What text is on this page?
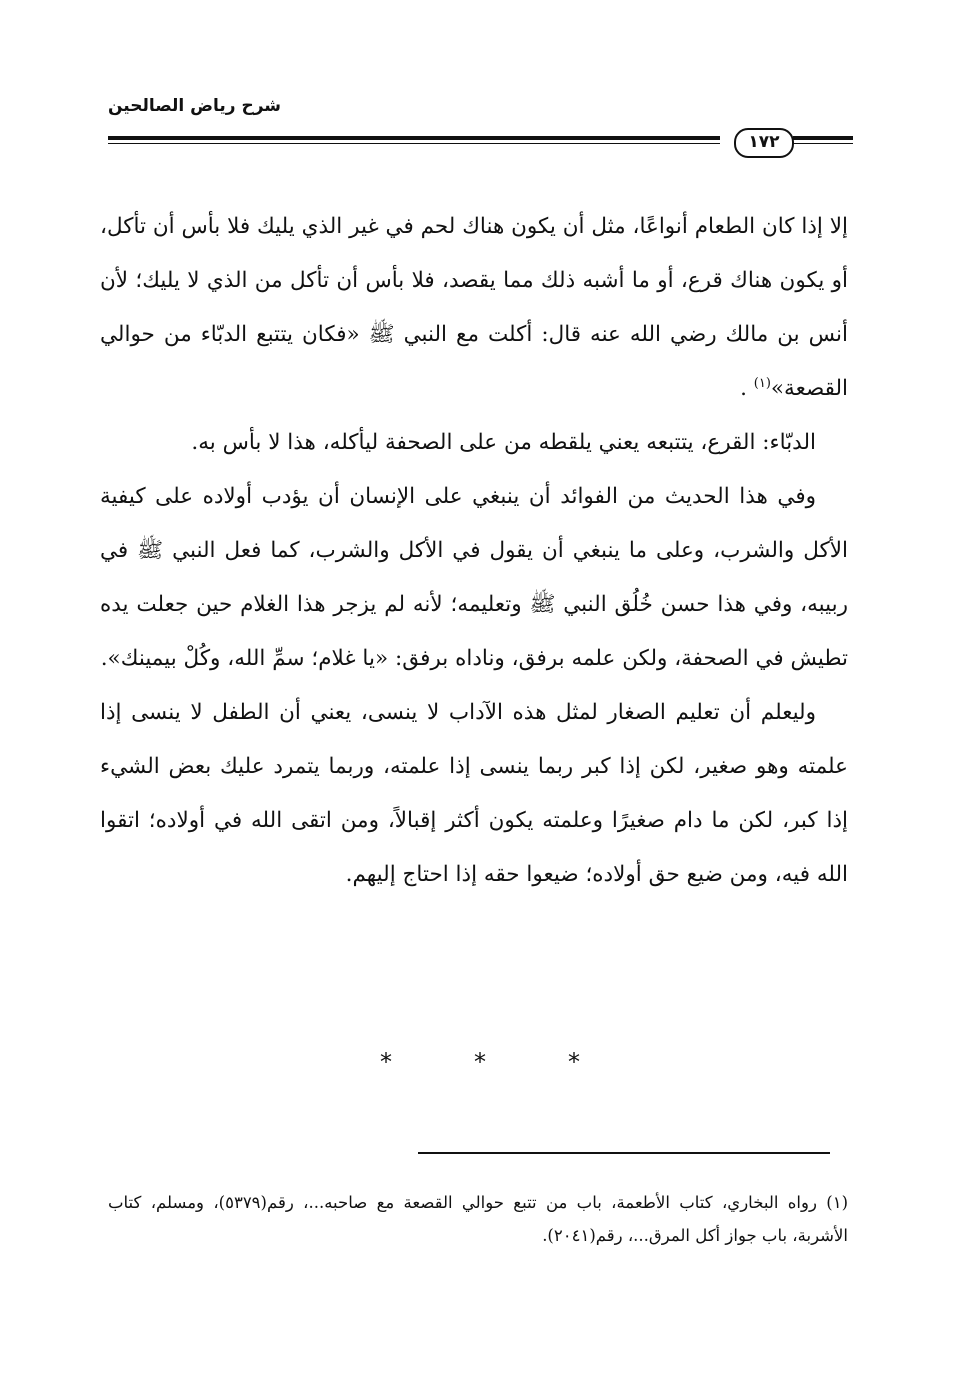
شرح رياض الصالحين
١٧٢

إلا إذا كان الطعام أنواعًا، مثل أن يكون هناك لحم في غير الذي يليك فلا بأس أن تأكل، أو يكون هناك قرع، أو ما أشبه ذلك مما يقصد، فلا بأس أن تأكل من الذي لا يليك؛ لأن أنس بن مالك رضي الله عنه قال: أكلت مع النبي ﷺ «فكان يتتبع الدبّاء من حوالي القصعة»$^{(١)}$ .

الدبّاء: القرع، يتتبعه يعني يلقطه من على الصحفة ليأكله، هذا لا بأس به.

وفي هذا الحديث من الفوائد أن ينبغي على الإنسان أن يؤدب أولاده على كيفية الأكل والشرب، وعلى ما ينبغي أن يقول في الأكل والشرب، كما فعل النبي ﷺ في ربيبه، وفي هذا حسن خُلُق النبي ﷺ وتعليمه؛ لأنه لم يزجر هذا الغلام حين جعلت يده تطيش في الصحفة، ولكن علمه برفق، وناداه برفق: «يا غلام؛ سمِّ الله، وكُلْ بيمينك».

وليعلم أن تعليم الصغار لمثل هذه الآداب لا ينسى، يعني أن الطفل لا ينسى إذا علمته وهو صغير، لكن إذا كبر ربما ينسى إذا علمته، وربما يتمرد عليك بعض الشيء إذا كبر، لكن ما دام صغيرًا وعلمته يكون أكثر إقبالاً، ومن اتقى الله في أولاده؛ اتقوا الله فيه، ومن ضيع حق أولاده؛ ضيعوا حقه إذا احتاج إليهم.

*	*	*

(١) رواه البخاري، كتاب الأطعمة، باب من تتبع حوالي القصعة مع صاحبه...، رقم(٥٣٧٩)، ومسلم، كتاب الأشربة، باب جواز أكل المرق...، رقم(٢٠٤١).
